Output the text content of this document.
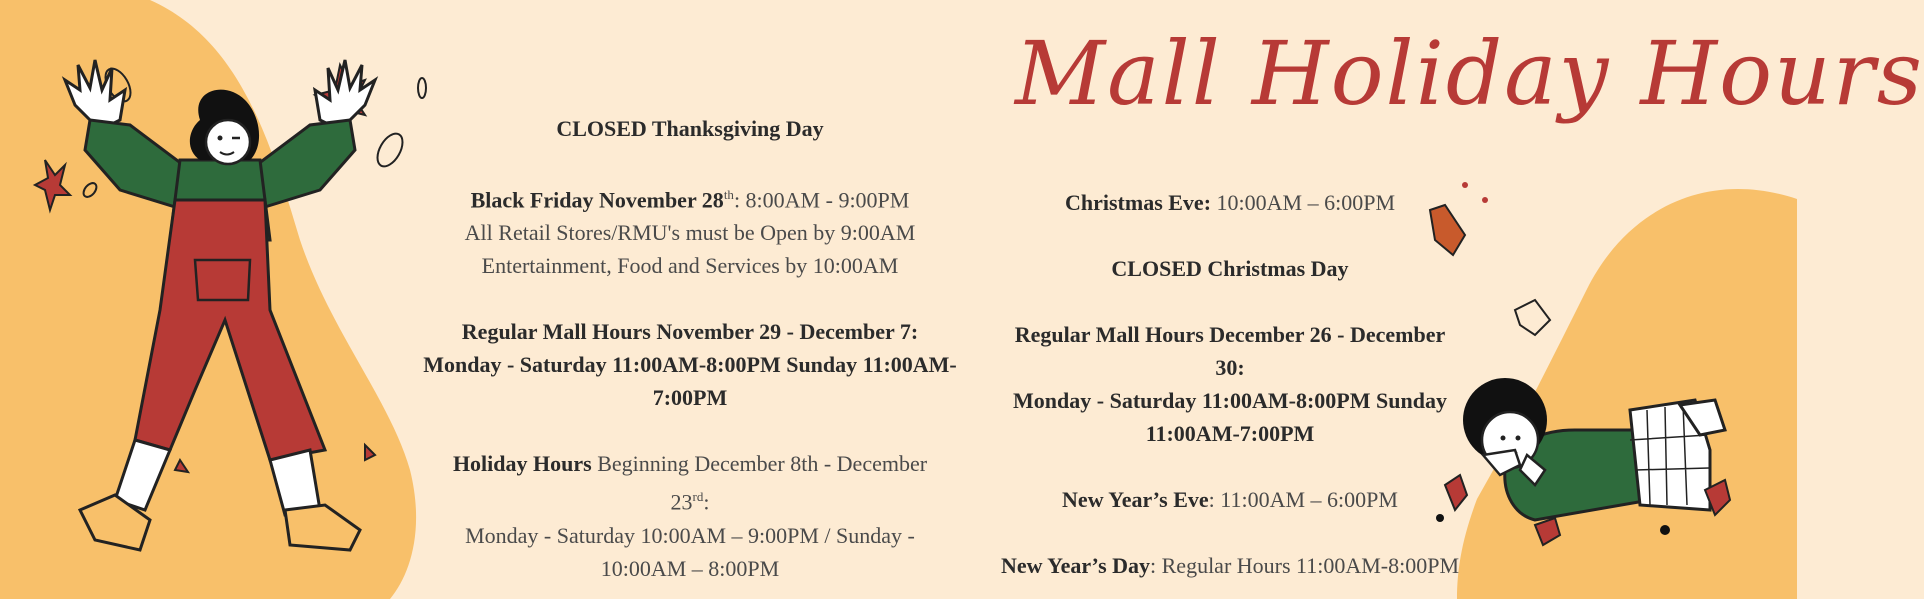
Mall Holiday Hours
CLOSED Thanksgiving Day
Black Friday November 28th: 8:00AM - 9:00PM
All Retail Stores/RMU's must be Open by 9:00AM
Entertainment, Food and Services by 10:00AM
Regular Mall Hours November 29 - December 7:
Monday - Saturday 11:00AM-8:00PM Sunday 11:00AM-
7:00PM
Holiday Hours Beginning December 8th - December
23rd:
Monday - Saturday 10:00AM – 9:00PM / Sunday -
10:00AM – 8:00PM
Christmas Eve: 10:00AM – 6:00PM
CLOSED Christmas Day
Regular Mall Hours December 26 - December
30:
Monday - Saturday 11:00AM-8:00PM Sunday
11:00AM-7:00PM
New Year’s Eve: 11:00AM – 6:00PM
New Year’s Day: Regular Hours 11:00AM-8:00PM
